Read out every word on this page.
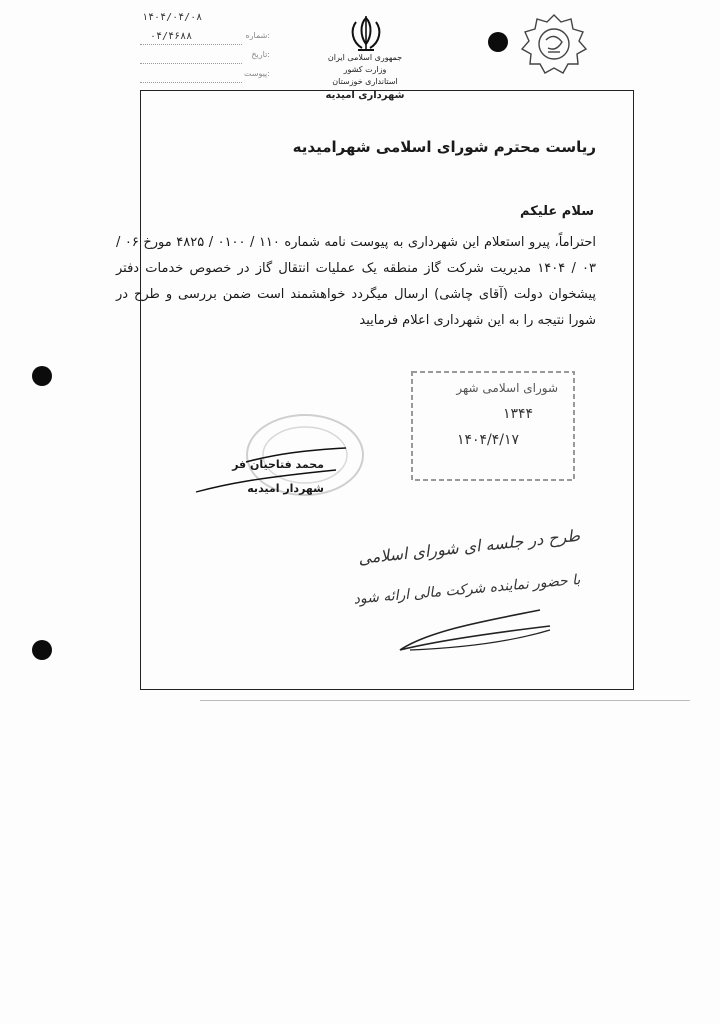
۱۴۰۴/۰۴/۰۸
۰۴/۴۶۸۸	شماره:
تاریخ:
پیوست:
جمهوری اسلامی ایران
وزارت کشور
استانداری خوزستان
شهرداری امیدیه
ریاست محترم شورای اسلامی شهرامیدیه
سلام علیکم
احتراماً، پیرو استعلام این شهرداری به پیوست نامه شماره ۱۱۰ / ۰۱۰۰ / ۴۸۲۵ مورخ ۰۶ / ۰۳ / ۱۴۰۴ مدیریت شرکت گاز منطقه یک عملیات انتقال گاز در خصوص خدمات دفتر پیشخوان دولت (آقای چاشی) ارسال میگردد خواهشمند است ضمن بررسی و طرح در شورا نتیجه را به این شهرداری اعلام فرمایید
محمد فتاحیان فر
شهردار امیدیه
شورای اسلامی شهر
۱۳۴۴
۱۴۰۴/۴/۱۷
طرح در جلسه ای شورای اسلامی
با حضور نماینده شرکت مالی ارائه شود
